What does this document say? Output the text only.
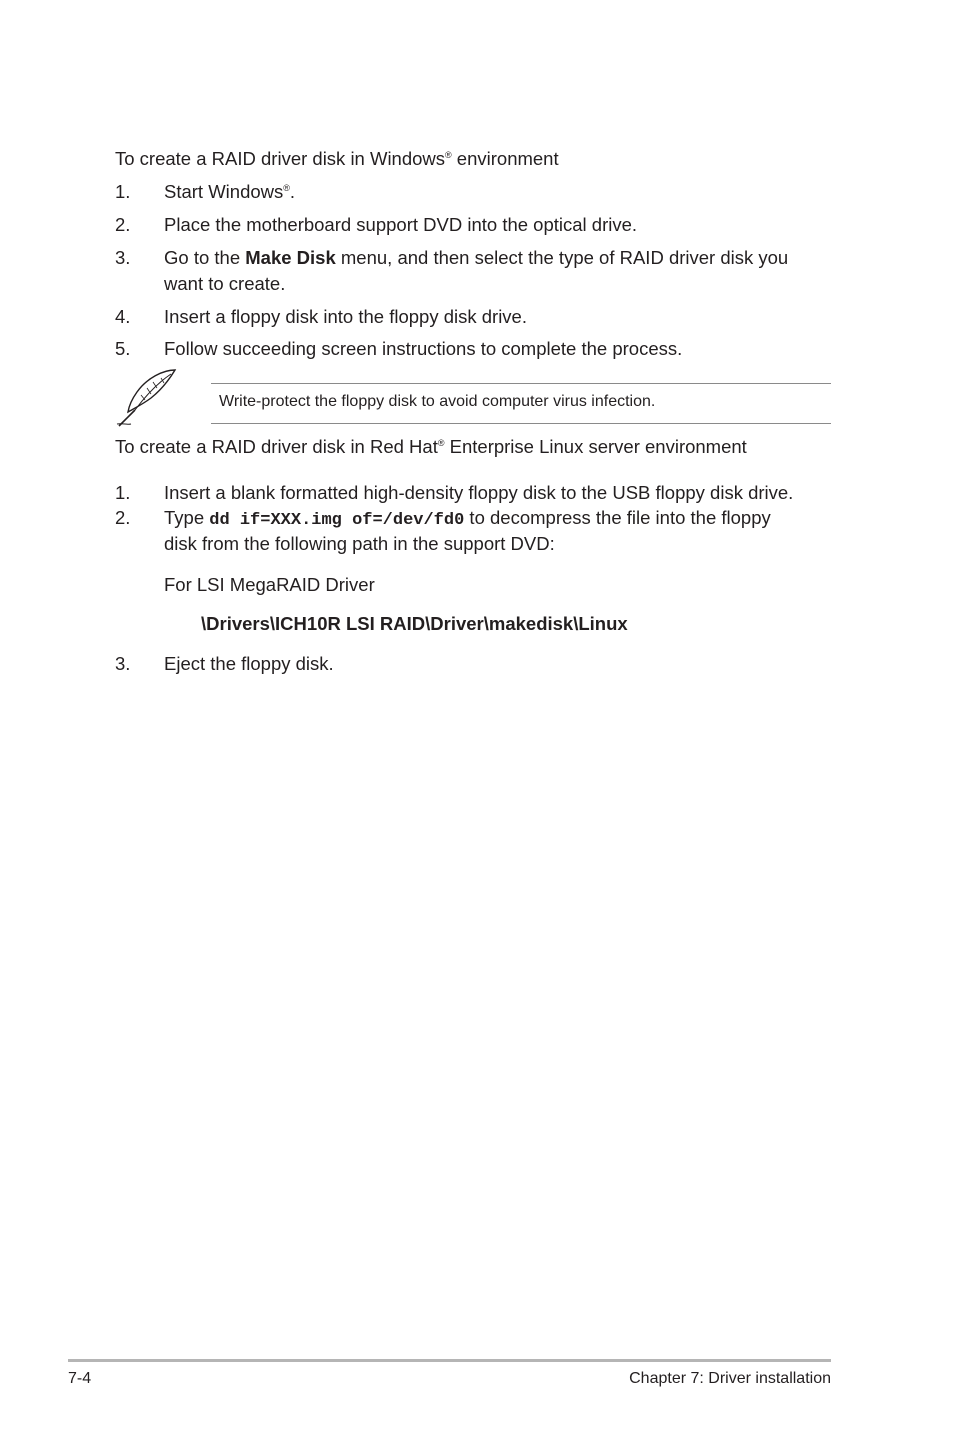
To create a RAID driver disk in Windows® environment
1. Start Windows®.
2. Place the motherboard support DVD into the optical drive.
3. Go to the Make Disk menu, and then select the type of RAID driver disk you
want to create.
4. Insert a floppy disk into the floppy disk drive.
5. Follow succeeding screen instructions to complete the process.
Write-protect the floppy disk to avoid computer virus infection.
To create a RAID driver disk in Red Hat® Enterprise Linux server environment
1. Insert a blank formatted high-density floppy disk to the USB floppy disk drive.
2. Type dd if=XXX.img of=/dev/fd0 to decompress the file into the floppy
disk from the following path in the support DVD:
For LSI MegaRAID Driver
\Drivers\ICH10R LSI RAID\Driver\makedisk\Linux
3. Eject the floppy disk.
7-4	Chapter 7: Driver installation
